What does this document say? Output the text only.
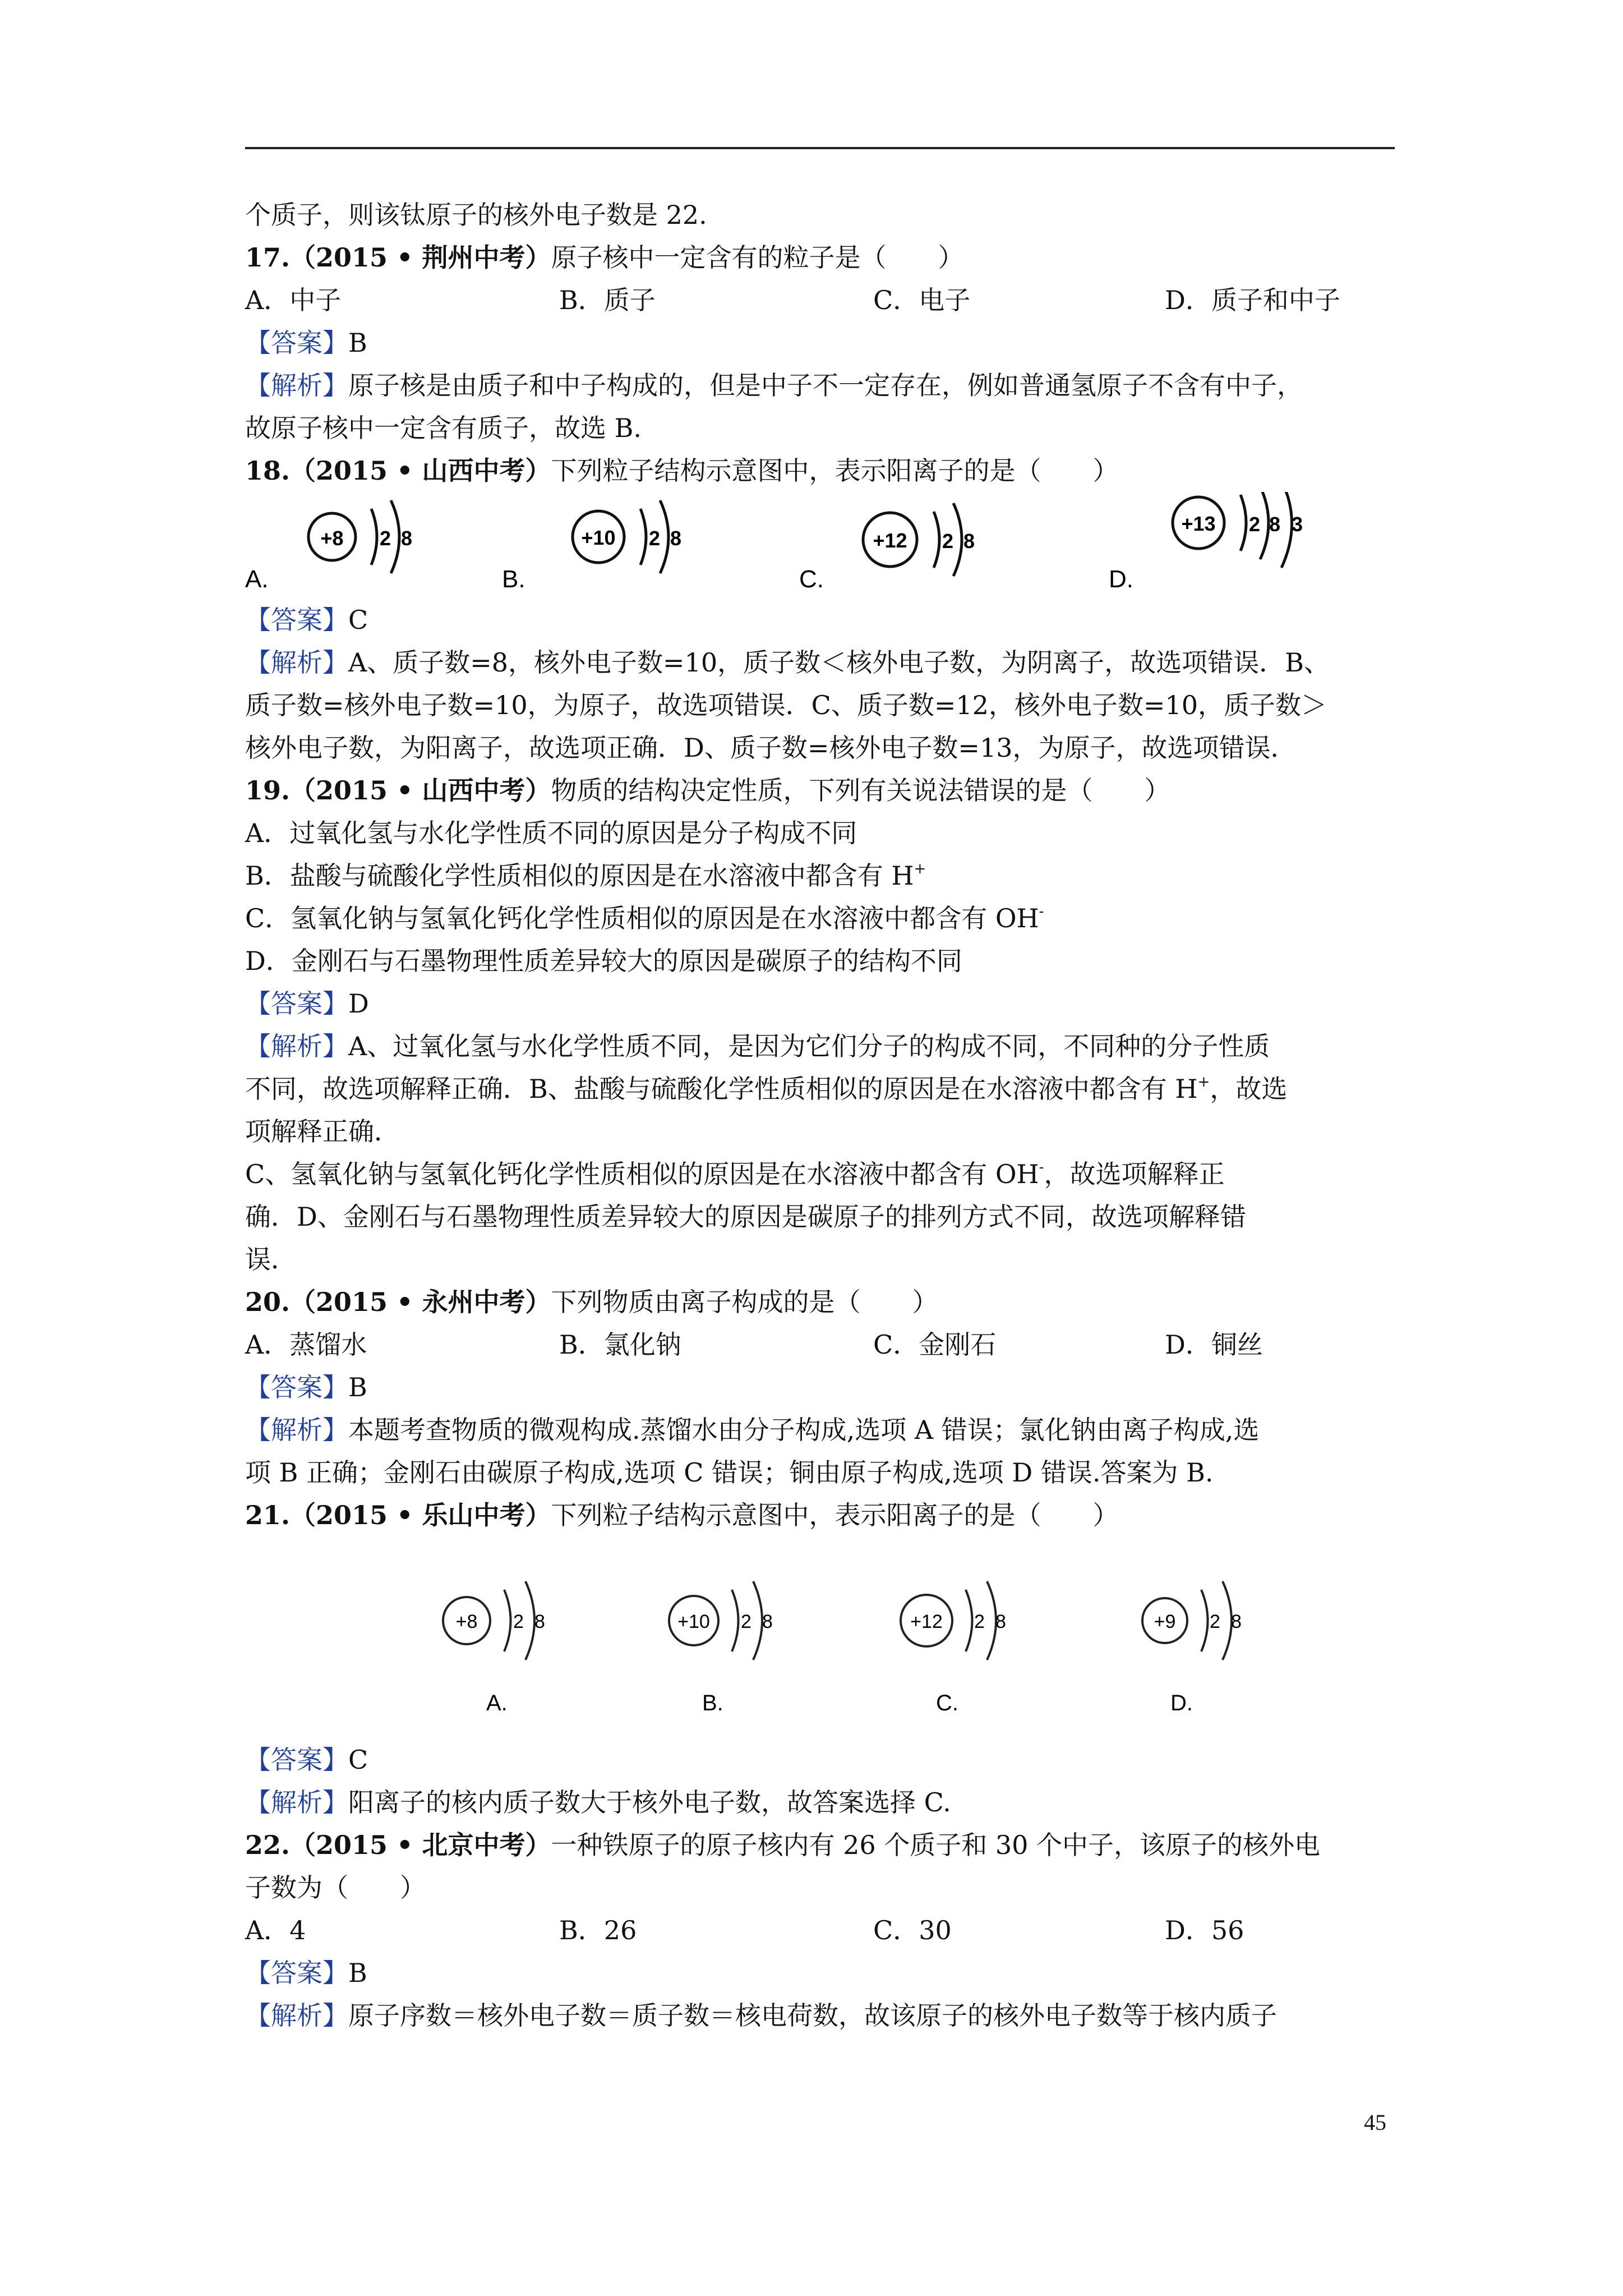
个质子，则该钛原子的核外电子数是 22.
17.（2015 • 荆州中考）原子核中一定含有的粒子是（　　）
A．中子	B．质子	C．电子	D．质子和中子
【答案】B
【解析】原子核是由质子和中子构成的，但是中子不一定存在，例如普通氢原子不含有中子，
故原子核中一定含有质子，故选 B.
18.（2015 • 山西中考）下列粒子结构示意图中，表示阳离子的是（　　）
A.
+8 2 8
B.
+10 2 8
C.
+12 2 8
D.
+13 2 8 3
【答案】C
【解析】A、质子数=8，核外电子数=10，质子数＜核外电子数，为阴离子，故选项错误．B、
质子数=核外电子数=10，为原子，故选项错误．C、质子数=12，核外电子数=10，质子数＞
核外电子数，为阳离子，故选项正确．D、质子数=核外电子数=13，为原子，故选项错误．
19.（2015 • 山西中考）物质的结构决定性质，下列有关说法错误的是（　　）
A．过氧化氢与水化学性质不同的原因是分子构成不同
B．盐酸与硫酸化学性质相似的原因是在水溶液中都含有 H+
C．氢氧化钠与氢氧化钙化学性质相似的原因是在水溶液中都含有 OH-
D．金刚石与石墨物理性质差异较大的原因是碳原子的结构不同
【答案】D
【解析】A、过氧化氢与水化学性质不同，是因为它们分子的构成不同，不同种的分子性质
不同，故选项解释正确．B、盐酸与硫酸化学性质相似的原因是在水溶液中都含有 H+，故选
项解释正确．
C、氢氧化钠与氢氧化钙化学性质相似的原因是在水溶液中都含有 OH-，故选项解释正
确．D、金刚石与石墨物理性质差异较大的原因是碳原子的排列方式不同，故选项解释错
误．
20.（2015 • 永州中考）下列物质由离子构成的是（　　）
A．蒸馏水	B．氯化钠	C．金刚石	D．铜丝
【答案】B
【解析】本题考查物质的微观构成.蒸馏水由分子构成,选项 A 错误；氯化钠由离子构成,选
项 B 正确；金刚石由碳原子构成,选项 C 错误；铜由原子构成,选项 D 错误.答案为 B.
21.（2015 • 乐山中考）下列粒子结构示意图中，表示阳离子的是（　　）
+8 2 8
A.
+10 2 8
B.
+12 2 8
C.
+9 2 8
D.
【答案】C
【解析】阳离子的核内质子数大于核外电子数，故答案选择 C.
22.（2015 • 北京中考）一种铁原子的原子核内有 26 个质子和 30 个中子，该原子的核外电
子数为（　　）
A．4	B．26	C．30	D．56
【答案】B
【解析】原子序数＝核外电子数＝质子数＝核电荷数，故该原子的核外电子数等于核内质子
45
